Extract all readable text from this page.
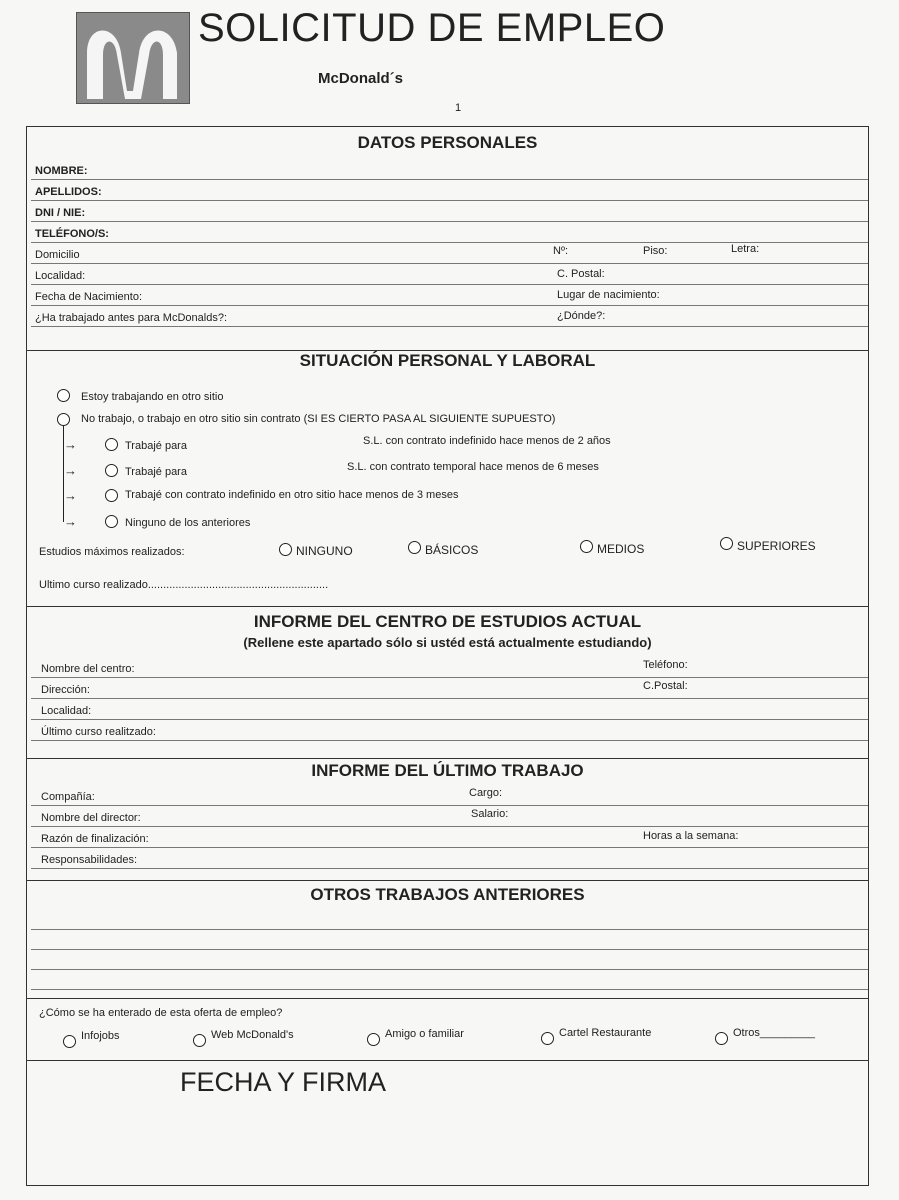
SOLICITUD DE EMPLEO
McDonald´s
1
DATOS PERSONALES
NOMBRE:
APELLIDOS:
DNI / NIE:
TELÉFONO/S:
Domicilio	Nº:	Piso:	Letra:
Localidad:	C. Postal:
Fecha de Nacimiento:	Lugar de nacimiento:
¿Ha trabajado antes para McDonalds?:	¿Dónde?:
SITUACIÓN PERSONAL Y LABORAL
Estoy trabajando en otro sitio
No trabajo, o trabajo en otro sitio sin contrato (SI ES CIERTO PASA AL SIGUIENTE SUPUESTO)
→	Trabajé para	S.L. con contrato indefinido hace menos de 2 años
→	Trabajé para	S.L. con contrato temporal hace menos de 6 meses
→	Trabajé con contrato indefinido en otro sitio hace menos de 3 meses
→	Ninguno de los anteriores
Estudios máximos realizados:	NINGUNO	BÁSICOS	MEDIOS	SUPERIORES
Ultimo curso realizado...........................................................
INFORME DEL CENTRO DE ESTUDIOS ACTUAL
(Rellene este apartado sólo si ustéd está actualmente estudiando)
Nombre del centro:	Teléfono:
Dirección:	C.Postal:
Localidad:
Último curso realitzado:
INFORME DEL ÚLTIMO TRABAJO
Compañía:	Cargo:
Nombre del director:	Salario:
Razón de finalización:	Horas a la semana:
Responsabilidades:
OTROS TRABAJOS ANTERIORES
¿Cómo se ha enterado de esta oferta de empleo?
Infojobs	Web McDonald's	Amigo o familiar	Cartel Restaurante	Otros_________
FECHA Y FIRMA
